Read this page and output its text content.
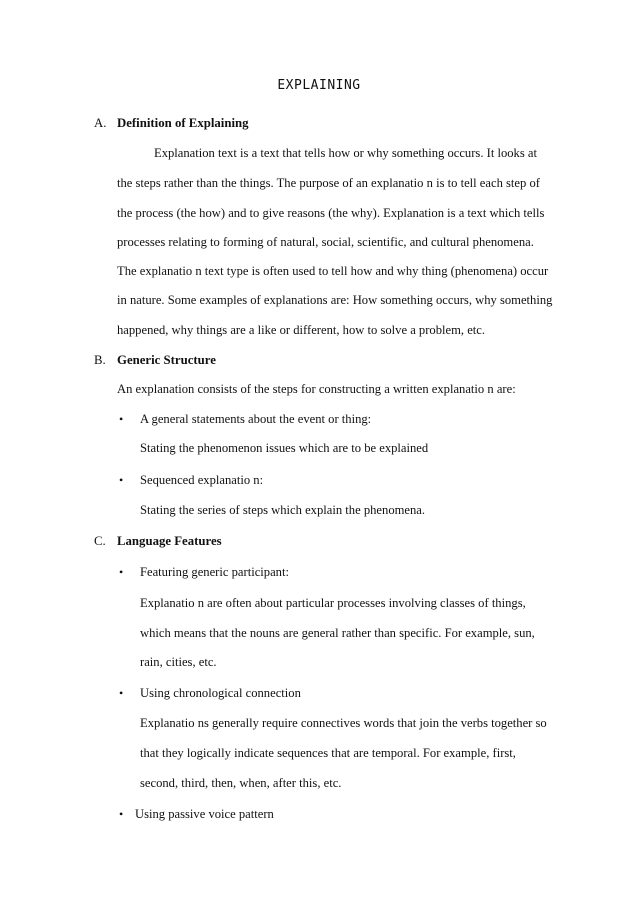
EXPLAINING
A. Definition of Explaining
Explanation text is a text that tells how or why something occurs. It looks at
the steps rather than the things. The purpose of an explanatio n is to tell each step of
the process (the how) and to give reasons (the why). Explanation is a text which tells
processes relating to forming of natural, social, scientific, and cultural phenomena.
The explanatio n text type is often used to tell how and why thing (phenomena) occur
in nature. Some examples of explanations are: How something occurs, why something
happened, why things are a like or different, how to solve a problem, etc.
B. Generic Structure
An explanation consists of the steps for constructing a written explanatio n are:
• A general statements about the event or thing:
Stating the phenomenon issues which are to be explained
• Sequenced explanatio n:
Stating the series of steps which explain the phenomena.
C. Language Features
• Featuring generic participant:
Explanatio n are often about particular processes involving classes of things,
which means that the nouns are general rather than specific. For example, sun,
rain, cities, etc.
• Using chronological connection
Explanatio ns generally require connectives words that join the verbs together so
that they logically indicate sequences that are temporal. For example, first,
second, third, then, when, after this, etc.
• Using passive voice pattern
